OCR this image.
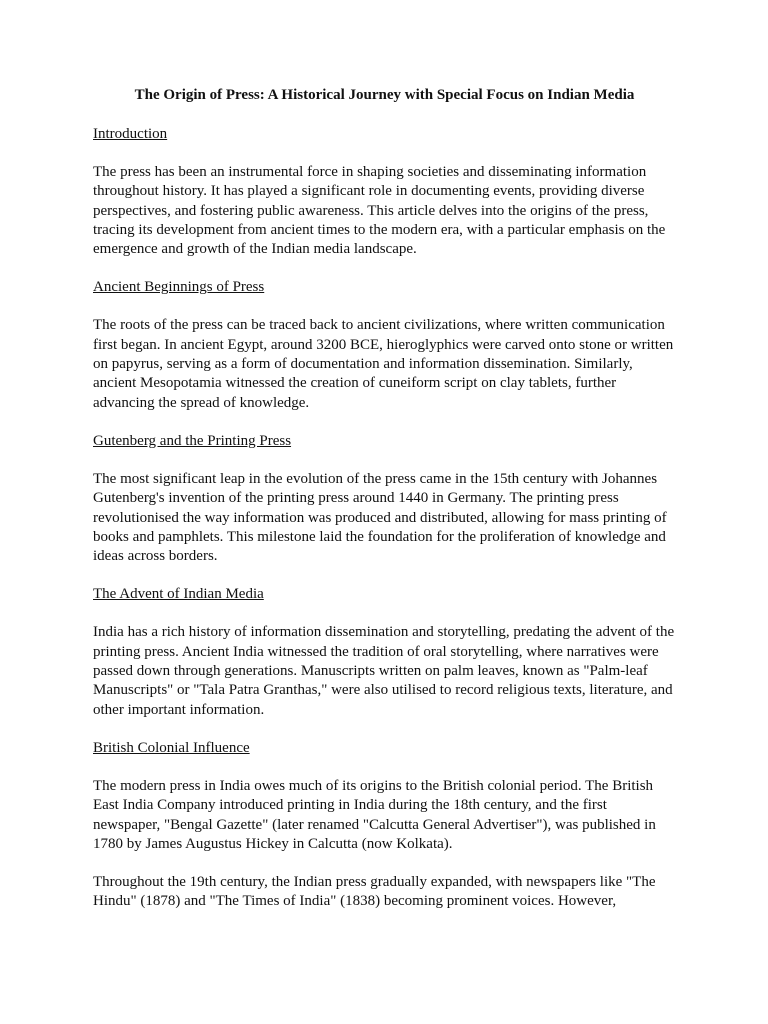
The Origin of Press: A Historical Journey with Special Focus on Indian Media
Introduction
The press has been an instrumental force in shaping societies and disseminating information throughout history. It has played a significant role in documenting events, providing diverse perspectives, and fostering public awareness. This article delves into the origins of the press, tracing its development from ancient times to the modern era, with a particular emphasis on the emergence and growth of the Indian media landscape.
Ancient Beginnings of Press
The roots of the press can be traced back to ancient civilizations, where written communication first began. In ancient Egypt, around 3200 BCE, hieroglyphics were carved onto stone or written on papyrus, serving as a form of documentation and information dissemination. Similarly, ancient Mesopotamia witnessed the creation of cuneiform script on clay tablets, further advancing the spread of knowledge.
Gutenberg and the Printing Press
The most significant leap in the evolution of the press came in the 15th century with Johannes Gutenberg's invention of the printing press around 1440 in Germany. The printing press revolutionised the way information was produced and distributed, allowing for mass printing of books and pamphlets. This milestone laid the foundation for the proliferation of knowledge and ideas across borders.
The Advent of Indian Media
India has a rich history of information dissemination and storytelling, predating the advent of the printing press. Ancient India witnessed the tradition of oral storytelling, where narratives were passed down through generations. Manuscripts written on palm leaves, known as "Palm-leaf Manuscripts" or "Tala Patra Granthas," were also utilised to record religious texts, literature, and other important information.
British Colonial Influence
The modern press in India owes much of its origins to the British colonial period. The British East India Company introduced printing in India during the 18th century, and the first newspaper, "Bengal Gazette" (later renamed "Calcutta General Advertiser"), was published in 1780 by James Augustus Hickey in Calcutta (now Kolkata).
Throughout the 19th century, the Indian press gradually expanded, with newspapers like "The Hindu" (1878) and "The Times of India" (1838) becoming prominent voices. However,
